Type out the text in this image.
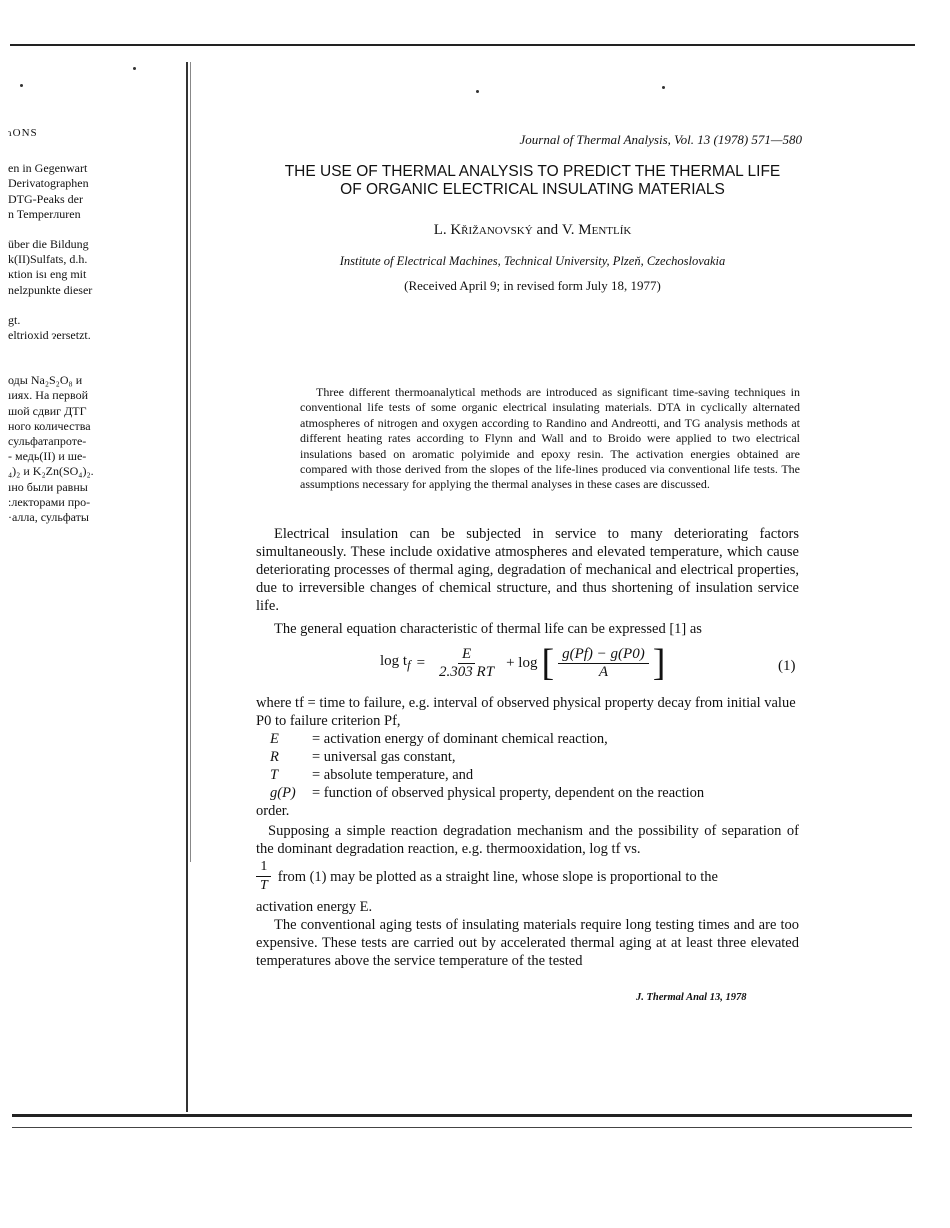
ɿONS
en in Gegenwart
Derivatographen
DTG-Peaks der
n Temperлuren
über die Bildung
k(II)Sulfats, d.h.
ĸtion isı eng mit
nelzpunkte dieser
gt.
eltrioxid ɂersetzt.
оды Na₂S₂O₈ и
ıиях. На первой
шой сдвиг ДТГ
ного количества
сульфатапроте-
- медь(II) и ше-
₄)₂ и K₂Zn(SO₄)₂.
ıно были равны
:лекторами про-
·алла, сульфаты
Journal of Thermal Analysis, Vol. 13 (1978) 571—580
THE USE OF THERMAL ANALYSIS TO PREDICT THE THERMAL LIFE
OF ORGANIC ELECTRICAL INSULATING MATERIALS
L. Křižanovský and V. Mentlík
Institute of Electrical Machines, Technical University, Plzeň, Czechoslovakia
(Received April 9; in revised form July 18, 1977)
Three different thermoanalytical methods are introduced as significant time-saving techniques in conventional life tests of some organic electrical insulating materials. DTA in cyclically alternated atmospheres of nitrogen and oxygen according to Randino and Andreotti, and TG analysis methods at different heating rates according to Flynn and Wall and to Broido were applied to two electrical insulations based on aromatic polyimide and epoxy resin. The activation energies obtained are compared with those derived from the slopes of the life-lines produced via conventional life tests. The assumptions necessary for applying the thermal analyses in these cases are discussed.
Electrical insulation can be subjected in service to many deteriorating factors simultaneously. These include oxidative atmospheres and elevated temperature, which cause deteriorating processes of thermal aging, degradation of mechanical and electrical properties, due to irreversible changes of chemical structure, and thus shortening of insulation service life.
The general equation characteristic of thermal life can be expressed [1] as
$\log t_f = \frac{E}{2.303 RT} + \log$ [ $\frac{g(Pf) - g(P0)}{A}$ ]	(1)
where tf = time to failure, e.g. interval of observed physical property decay from initial value P0 to failure criterion Pf,
E	= activation energy of dominant chemical reaction,
R	= universal gas constant,
T	= absolute temperature, and
g(P)	= function of observed physical property, dependent on the reaction
order.
Supposing a simple reaction degradation mechanism and the possibility of separation of the dominant degradation reaction, e.g. thermooxidation, log tf vs.
$\frac{1}{T}$ from (1) may be plotted as a straight line, whose slope is proportional to the
activation energy E.
The conventional aging tests of insulating materials require long testing times and are too expensive. These tests are carried out by accelerated thermal aging at at least three elevated temperatures above the service temperature of the tested
J. Thermal Anal 13, 1978
